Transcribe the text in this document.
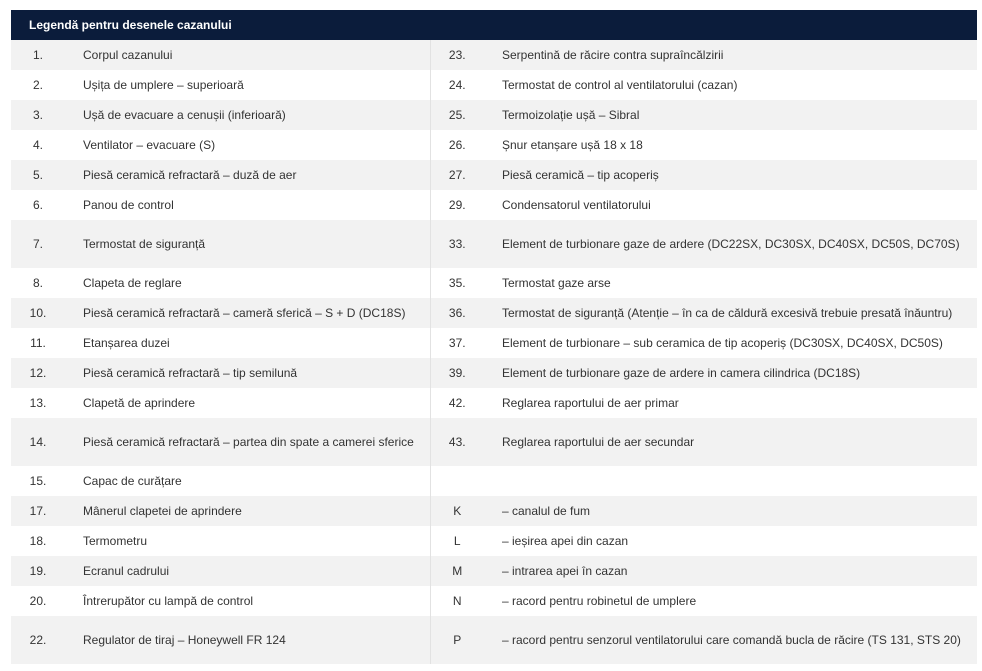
Legendă pentru desenele cazanului			
1.	Corpul cazanului	23.	Serpentină de răcire contra supraîncălzirii
2.	Ușița de umplere – superioară	24.	Termostat de control al ventilatorului (cazan)
3.	Ușă de evacuare a cenușii (inferioară)	25.	Termoizolație ușă – Sibral
4.	Ventilator – evacuare (S)	26.	Șnur etanșare ușă 18 x 18
5.	Piesă ceramică refractară – duză de aer	27.	Piesă ceramică – tip acoperiș
6.	Panou de control	29.	Condensatorul ventilatorului
7.	Termostat de siguranță	33.	Element de turbionare gaze de ardere (DC22SX, DC30SX, DC40SX, DC50S, DC70S)
8.	Clapeta de reglare	35.	Termostat gaze arse
10.	Piesă ceramică refractară – cameră sferică – S + D (DC18S)	36.	Termostat de siguranță (Atenție – în ca de căldură excesivă trebuie presată înăuntru)
11.	Etanșarea duzei	37.	Element de turbionare – sub ceramica de tip acoperiș (DC30SX, DC40SX, DC50S)
12.	Piesă ceramică refractară – tip semilună	39.	Element de turbionare gaze de ardere in camera cilindrica (DC18S)
13.	Clapetă de aprindere	42.	Reglarea raportului de aer primar
14.	Piesă ceramică refractară – partea din spate a camerei sferice	43.	Reglarea raportului de aer secundar
15.	Capac de curățare		
17.	Mânerul clapetei de aprindere	K	– canalul de fum
18.	Termometru	L	– ieșirea apei din cazan
19.	Ecranul cadrului	M	– intrarea apei în cazan
20.	Întrerupător cu lampă de control	N	– racord pentru robinetul de umplere
22.	Regulator de tiraj – Honeywell FR 124	P	– racord pentru senzorul ventilatorului care comandă bucla de răcire (TS 131, STS 20)
